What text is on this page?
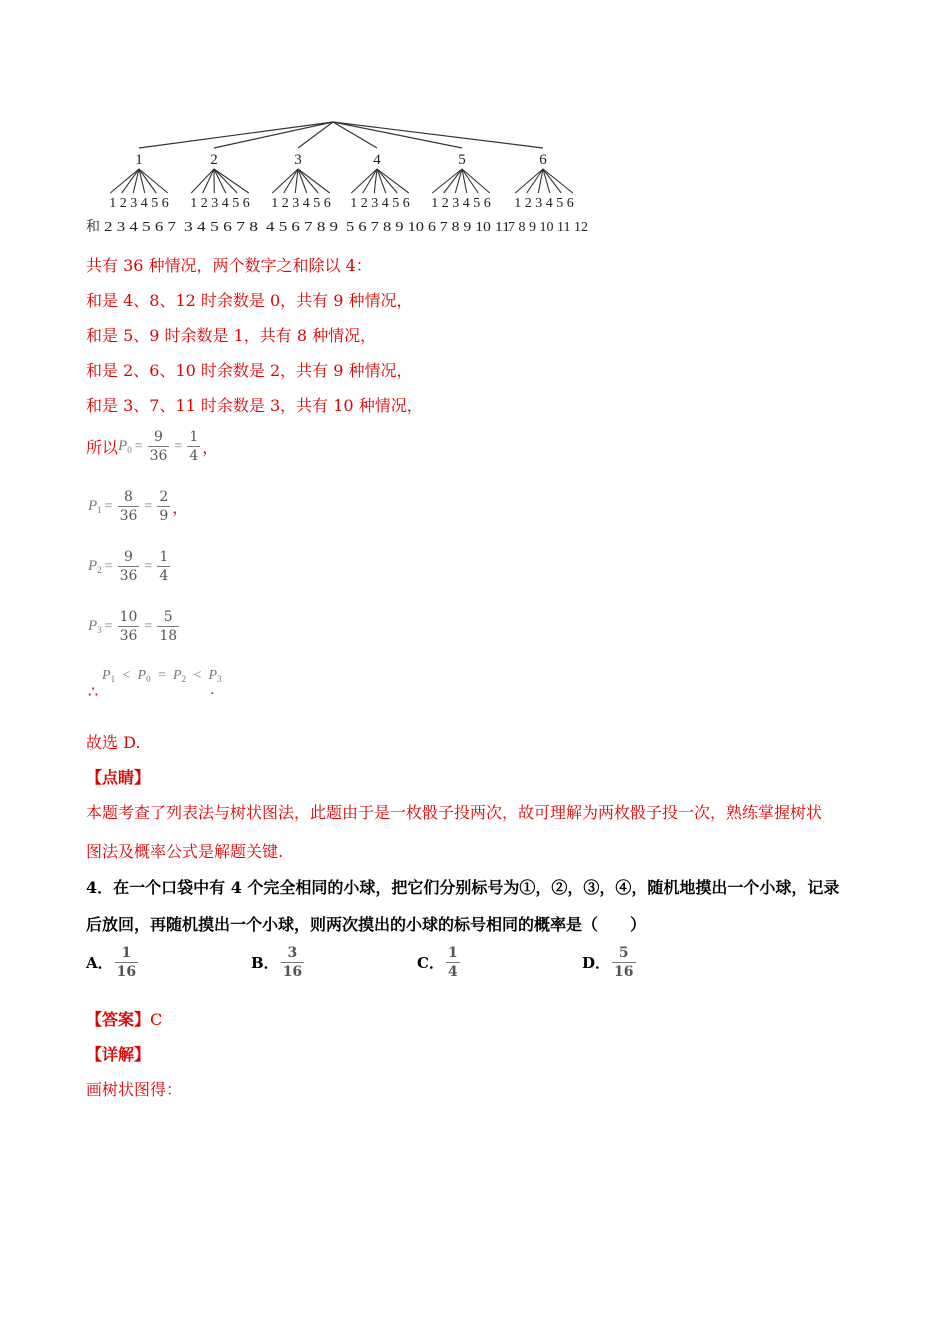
1	2	3	4	5	6
1 2 3 4 5 6 1 2 3 4 5 6 1 2 3 4 5 6 1 2 3 4 5 6 1 2 3 4 5 6 1 2 3 4 5 6
和 2 3 4 5 6 7 3 4 5 6 7 8 4 5 6 7 8 9 5 6 7 8 9 10 6 7 8 9 10 11
7 8 9 10 11 12
共有 36 种情况，两个数字之和除以 4：
和是 4、8、12 时余数是 0，共有 9 种情况，
和是 5、9 时余数是 1，共有 8 种情况，
和是 2、6、10 时余数是 2，共有 9 种情况，
和是 3、7、11 时余数是 3，共有 10 种情况，
所以 $P_0 = \frac{9}{36} = \frac{1}{4}$ ，
$P_1 = \frac{8}{36} = \frac{2}{9}$ ，
$P_2 = \frac{9}{36} = \frac{1}{4}$
$P_3 = \frac{10}{36} = \frac{5}{18}$
∴
$P_1 < P_0 = P_2 < P_3$
.
故选 D.
【点睛】
本题考查了列表法与树状图法，此题由于是一枚骰子投两次，故可理解为两枚骰子投一次，熟练掌握树状
图法及概率公式是解题关键.
4．在一个口袋中有 4 个完全相同的小球，把它们分别标号为①，②，③，④，随机地摸出一个小球，记录
后放回，再随机摸出一个小球，则两次摸出的小球的标号相同的概率是（　　）
A． $\frac{1}{16}$	B． $\frac{3}{16}$	C． $\frac{1}{4}$	D． $\frac{5}{16}$
【答案】C
【详解】
画树状图得：
